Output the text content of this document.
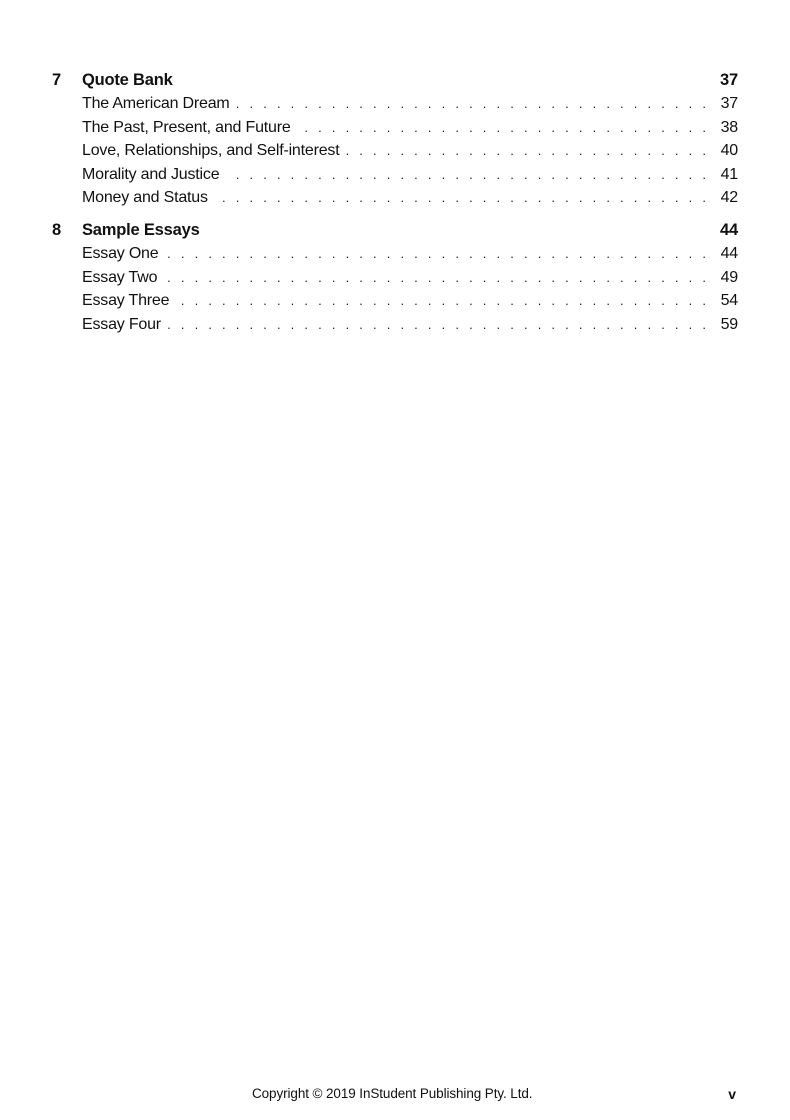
7	Quote Bank	37
The American Dream . . .	37
The Past, Present, and Future . . .	38
Love, Relationships, and Self-interest . . .	40
Morality and Justice . . .	41
Money and Status . . .	42
8	Sample Essays	44
Essay One . . .	44
Essay Two . . .	49
Essay Three . . .	54
Essay Four . . .	59
Copyright © 2019 InStudent Publishing Pty. Ltd.	v
